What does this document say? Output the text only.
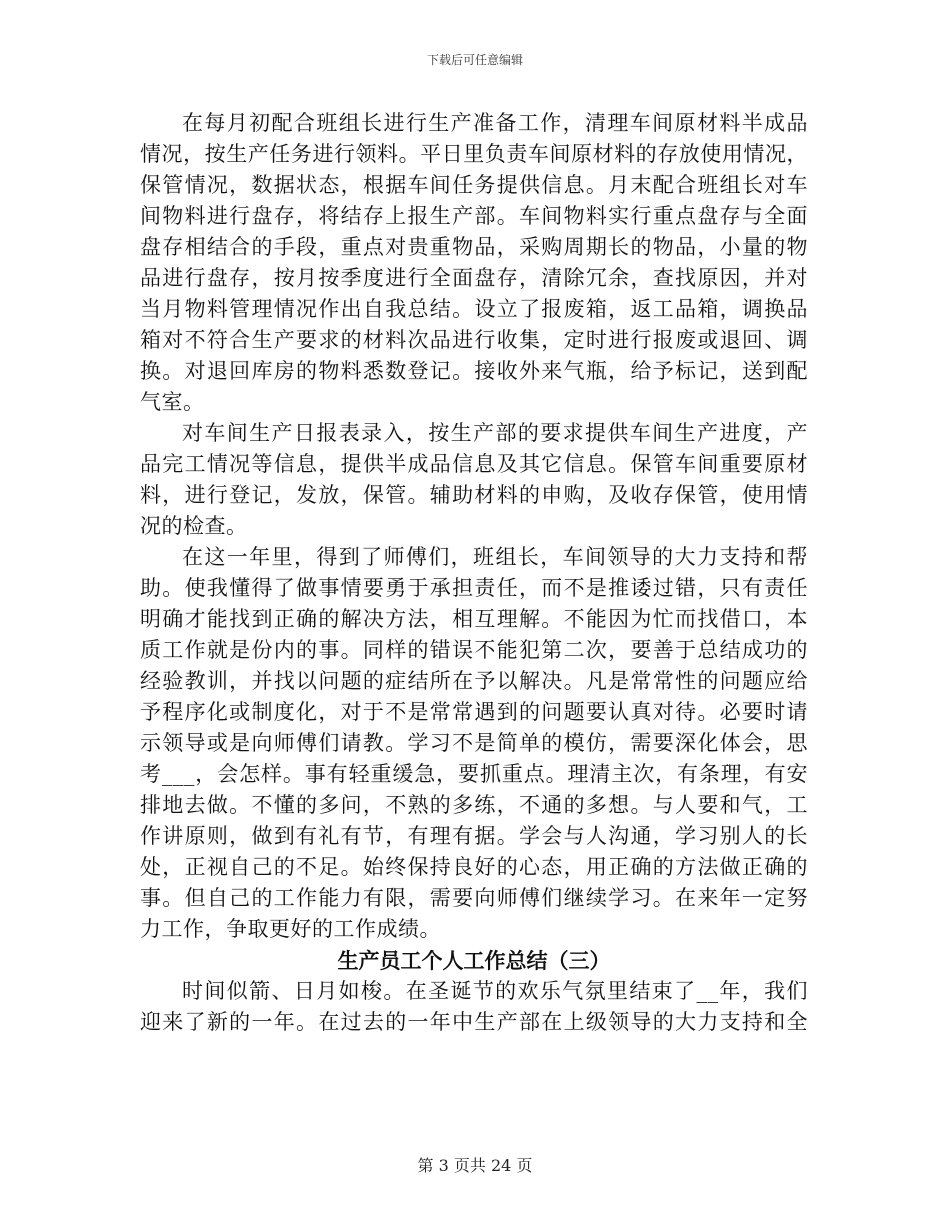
下载后可任意编辑
在每月初配合班组长进行生产准备工作，清理车间原材料半成品
情况，按生产任务进行领料。平日里负责车间原材料的存放使用情况，
保管情况，数据状态，根据车间任务提供信息。月末配合班组长对车
间物料进行盘存，将结存上报生产部。车间物料实行重点盘存与全面
盘存相结合的手段，重点对贵重物品，采购周期长的物品，小量的物
品进行盘存，按月按季度进行全面盘存，清除冗余，查找原因，并对
当月物料管理情况作出自我总结。设立了报废箱，返工品箱，调换品
箱对不符合生产要求的材料次品进行收集，定时进行报废或退回、调
换。对退回库房的物料悉数登记。接收外来气瓶，给予标记，送到配
气室。
对车间生产日报表录入，按生产部的要求提供车间生产进度，产
品完工情况等信息，提供半成品信息及其它信息。保管车间重要原材
料，进行登记，发放，保管。辅助材料的申购，及收存保管，使用情
况的检查。
在这一年里，得到了师傅们，班组长，车间领导的大力支持和帮
助。使我懂得了做事情要勇于承担责任，而不是推诿过错，只有责任
明确才能找到正确的解决方法，相互理解。不能因为忙而找借口，本
质工作就是份内的事。同样的错误不能犯第二次，要善于总结成功的
经验教训，并找以问题的症结所在予以解决。凡是常常性的问题应给
予程序化或制度化，对于不是常常遇到的问题要认真对待。必要时请
示领导或是向师傅们请教。学习不是简单的模仿，需要深化体会，思
考___，会怎样。事有轻重缓急，要抓重点。理清主次，有条理，有安
排地去做。不懂的多问，不熟的多练，不通的多想。与人要和气，工
作讲原则，做到有礼有节，有理有据。学会与人沟通，学习别人的长
处，正视自己的不足。始终保持良好的心态，用正确的方法做正确的
事。但自己的工作能力有限，需要向师傅们继续学习。在来年一定努
力工作，争取更好的工作成绩。
生产员工个人工作总结（三）
时间似箭、日月如梭。在圣诞节的欢乐气氛里结束了__年，我们
迎来了新的一年。在过去的一年中生产部在上级领导的大力支持和全
第 3 页共 24 页
